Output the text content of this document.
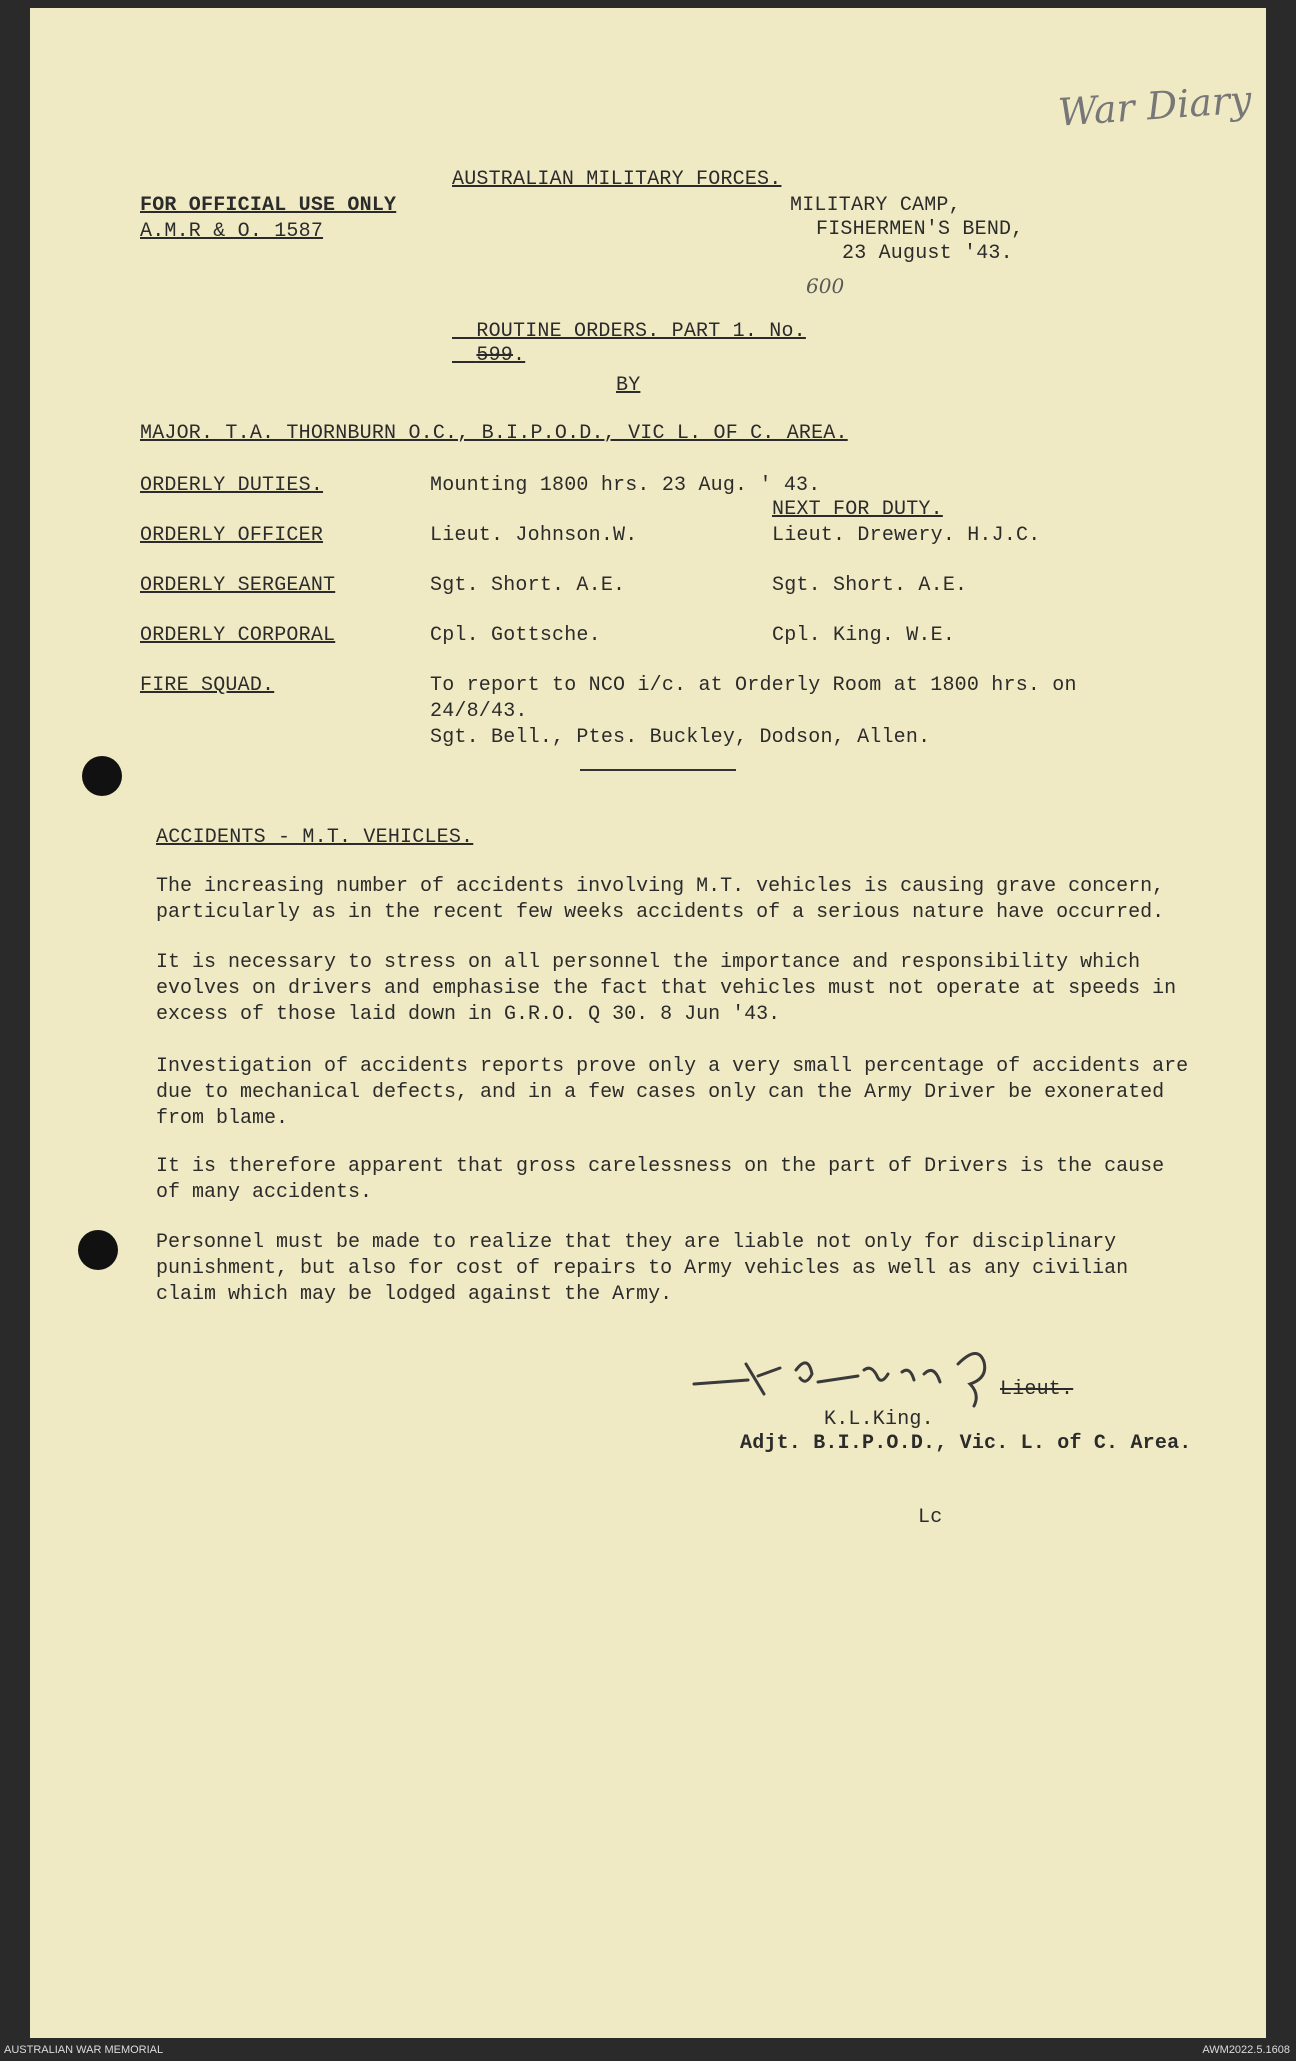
War Diary
AUSTRALIAN MILITARY FORCES.
FOR OFFICIAL USE ONLY
A.M.R & O. 1587
MILITARY CAMP,
FISHERMEN'S BEND,
23 August '43.

ROUTINE ORDERS. PART 1. No.
599.

600
BY
MAJOR. T.A. THORNBURN O.C., B.I.P.O.D., VIC L. OF C. AREA.
ORDERLY DUTIES.	Mounting 1800 hrs. 23 Aug. ' 43.
NEXT FOR DUTY.
ORDERLY OFFICER	Lieut. Johnson.W.	Lieut. Drewery. H.J.C.
ORDERLY SERGEANT	Sgt. Short. A.E.	Sgt. Short. A.E.
ORDERLY CORPORAL	Cpl. Gottsche.	Cpl. King. W.E.
FIRE SQUAD.	To report to NCO i/c. at Orderly Room at 1800 hrs. on
24/8/43.
Sgt. Bell., Ptes. Buckley, Dodson, Allen.
ACCIDENTS - M.T. VEHICLES.
The increasing number of accidents involving M.T. vehicles is causing grave concern, particularly as in the recent few weeks accidents of a serious nature have occurred.
It is necessary to stress on all personnel the importance and responsibility which evolves on drivers and emphasise the fact that vehicles must not operate at speeds in excess of those laid down in G.R.O. Q 30. 8 Jun '43.
Investigation of accidents reports prove only a very small percentage of accidents are due to mechanical defects, and in a few cases only can the Army Driver be exonerated from blame.
It is therefore apparent that gross carelessness on the part of Drivers is the cause of many accidents.
Personnel must be made to realize that they are liable not only for disciplinary punishment, but also for cost of repairs to Army vehicles as well as any civilian claim which may be lodged against the Army.
Lieut.
K.L.King.
Adjt. B.I.P.O.D., Vic. L. of C. Area.
Lc
AUSTRALIAN WAR MEMORIAL	AWM2022.5.1608
